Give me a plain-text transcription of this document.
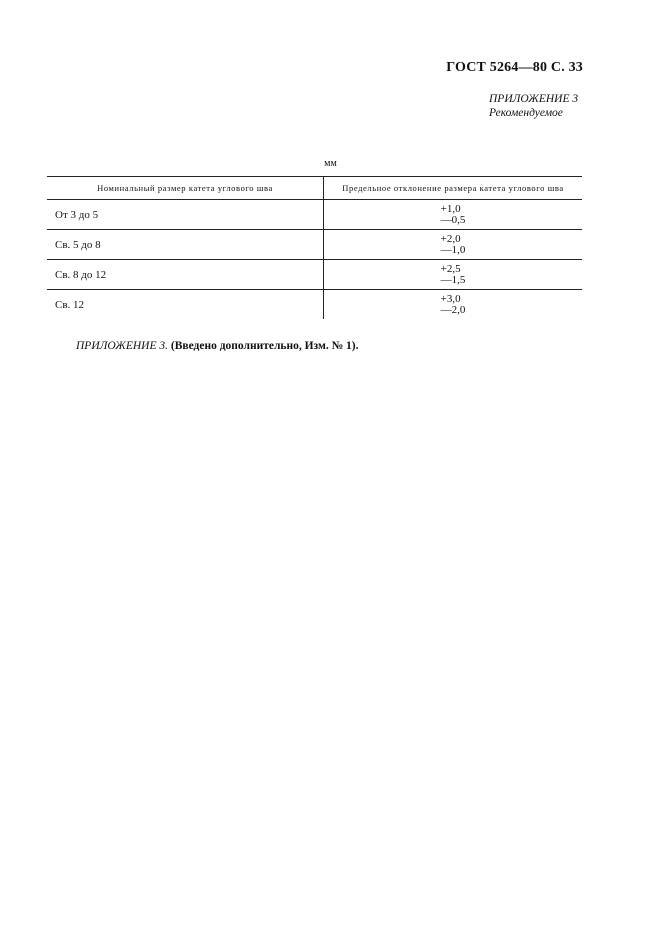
ГОСТ 5264—80 С. 33
ПРИЛОЖЕНИЕ 3
Рекомендуемое
мм
Номинальный размер катета углового шва	Предельное отклонение размера катета углового шва
От 3 до 5	+1,0
—0,5

Св. 5 до 8	+2,0
—1,0

Св. 8 до 12	+2,5
—1,5

Св. 12	+3,0
—2,0
ПРИЛОЖЕНИЕ 3. (Введено дополнительно, Изм. № 1).
